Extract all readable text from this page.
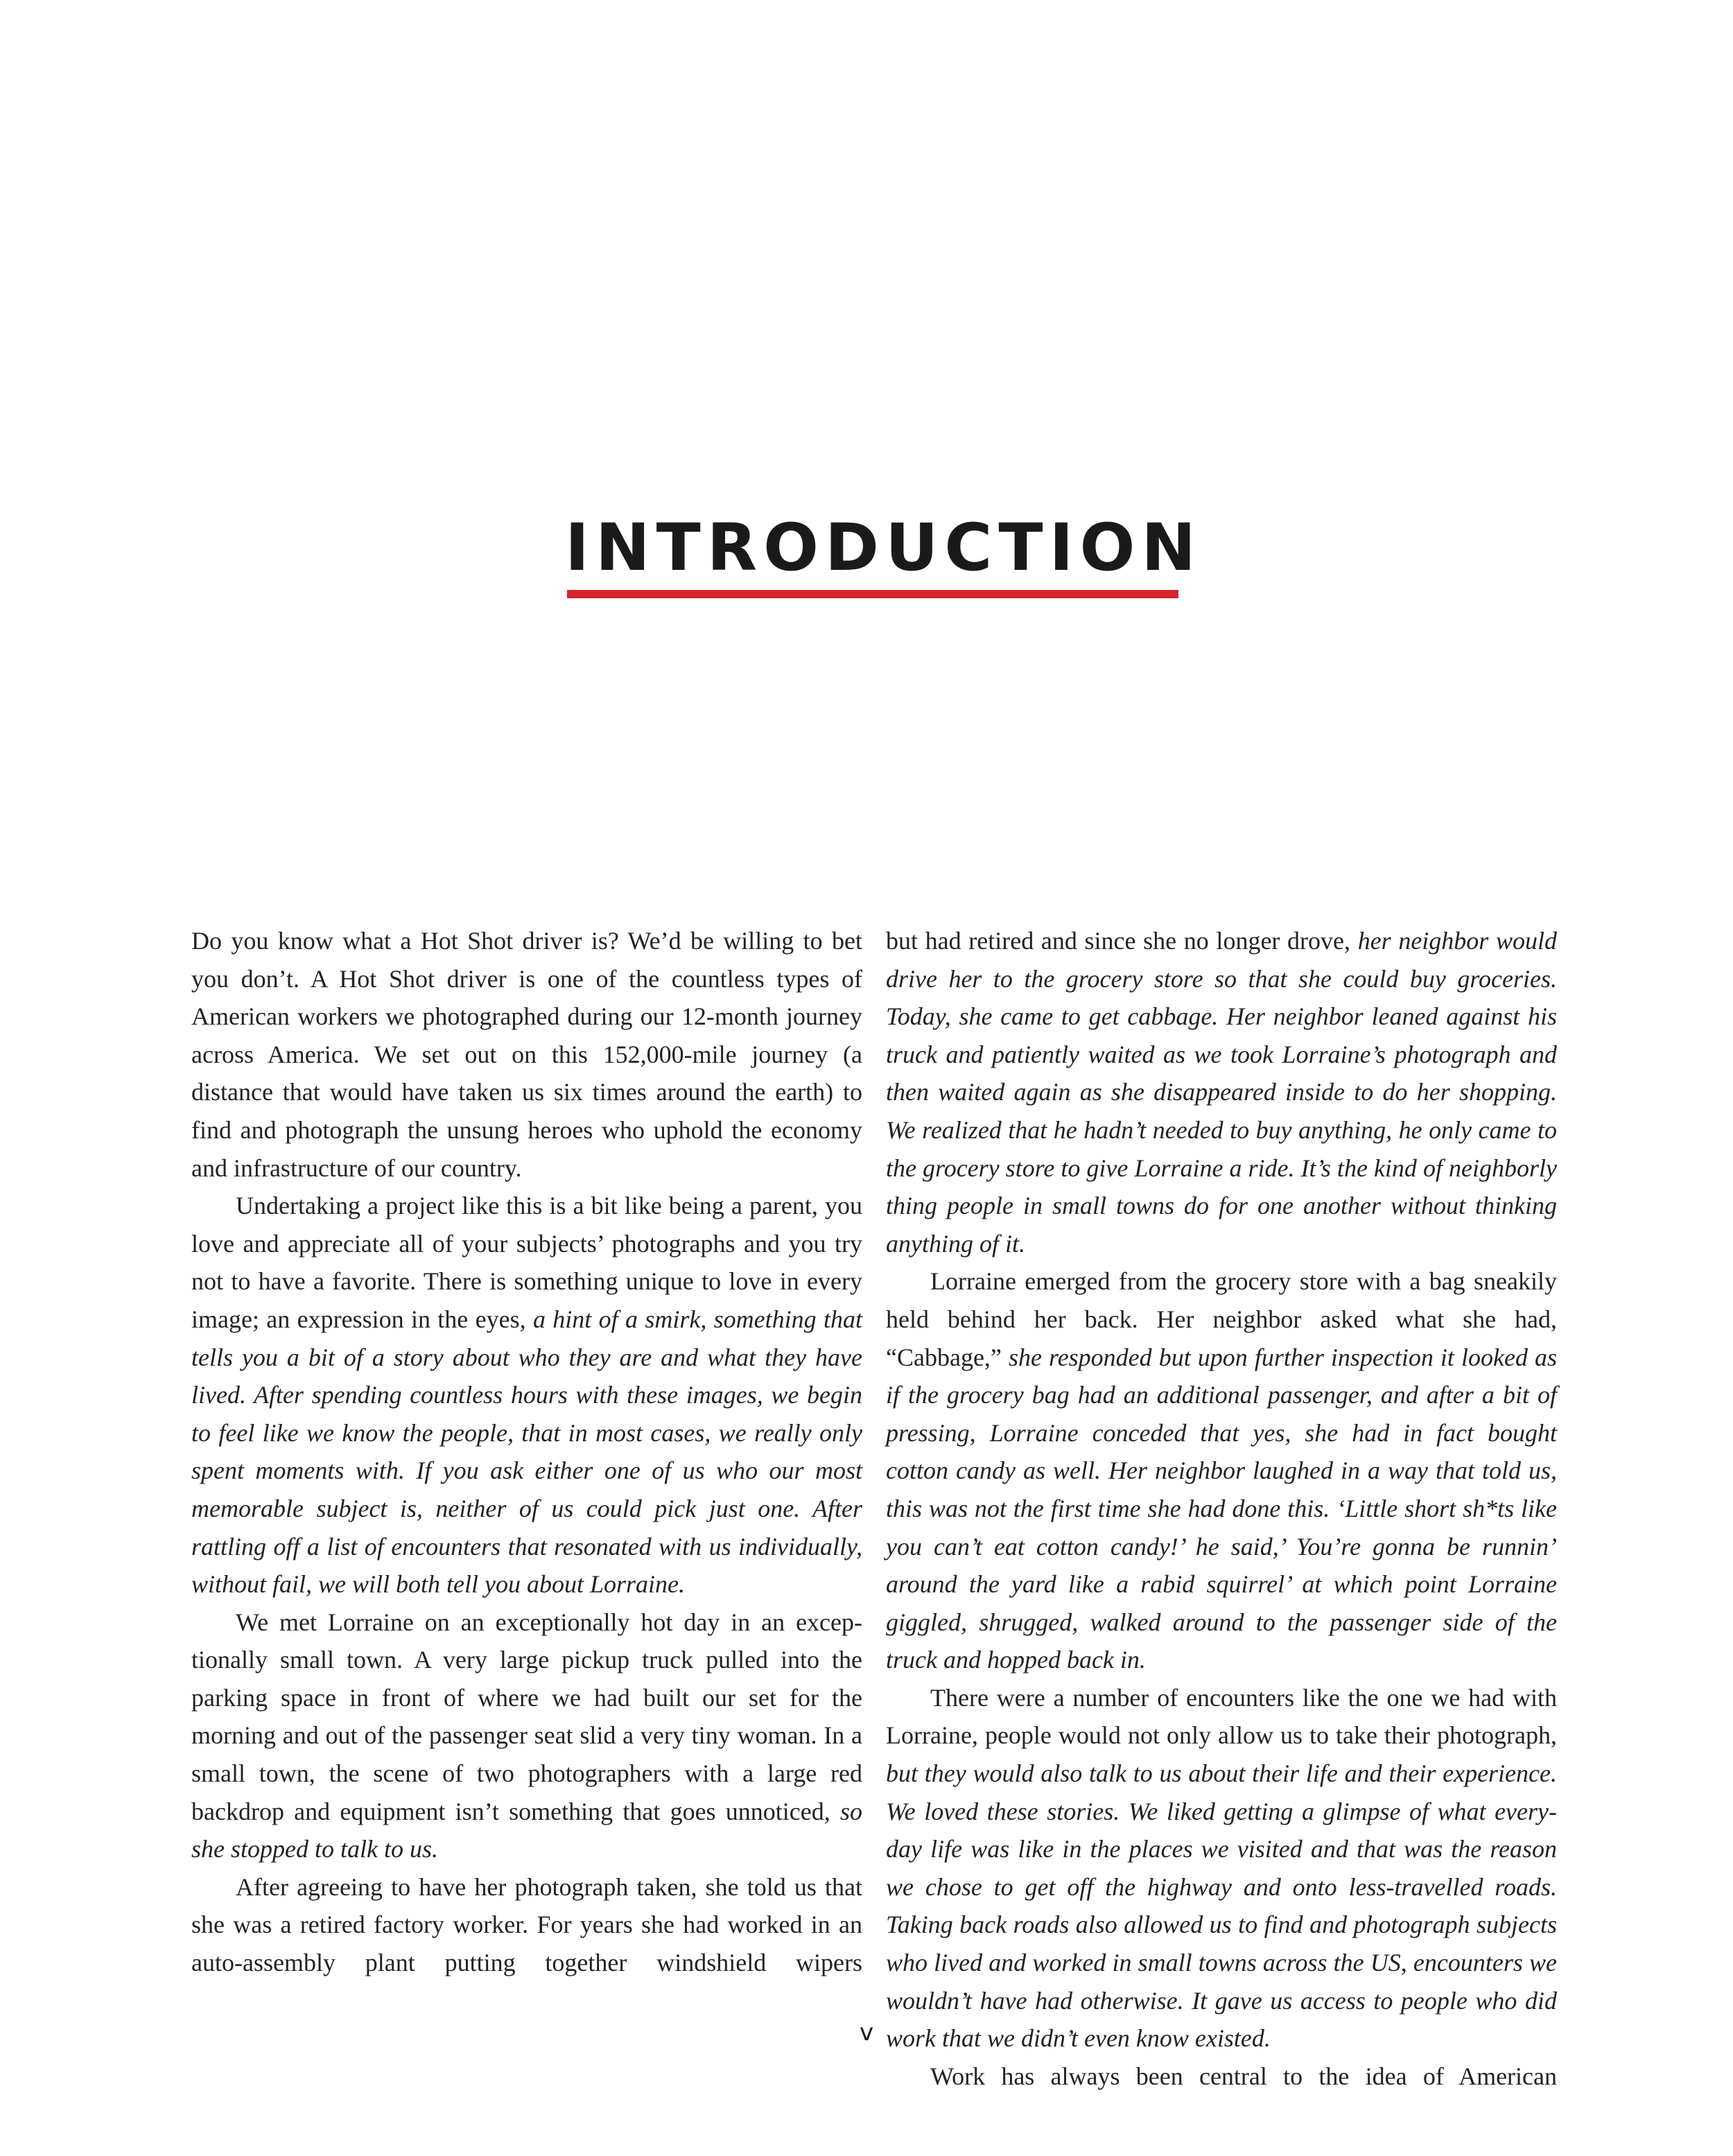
INTRODUCTION

Do you know what a Hot Shot driver is? We’d be willing to bet you don’t. A Hot Shot driver is one of the countless types of American workers we photographed during our 12-month journey across America. We set out on this 152,000-mile journey (a distance that would have taken us six times around the earth) to find and photograph the unsung heroes who uphold the economy and infrastructure of our country.

Undertaking a project like this is a bit like being a parent, you love and appreciate all of your subjects’ photographs and you try not to have a favorite. There is something unique to love in every image; an expression in the eyes, a hint of a smirk, something that tells you a bit of a story about who they are and what they have lived. After spending countless hours with these images, we begin to feel like we know the people, that in most cases, we really only spent moments with. If you ask either one of us who our most memorable subject is, neither of us could pick just one. After rattling off a list of encounters that resonated with us individually, without fail, we will both tell you about Lorraine.

We met Lorraine on an exceptionally hot day in an exceptionally small town. A very large pickup truck pulled into the parking space in front of where we had built our set for the morning and out of the passenger seat slid a very tiny woman. In a small town, the scene of two photographers with a large red backdrop and equipment isn’t something that goes unnoticed, so she stopped to talk to us.

After agreeing to have her photograph taken, she told us that she was a retired factory worker. For years she had worked in an auto-assembly plant putting together windshield wipers

but had retired and since she no longer drove, her neighbor would drive her to the grocery store so that she could buy groceries. Today, she came to get cabbage. Her neighbor leaned against his truck and patiently waited as we took Lorraine’s photograph and then waited again as she disappeared inside to do her shopping. We realized that he hadn’t needed to buy anything, he only came to the grocery store to give Lorraine a ride. It’s the kind of neighborly thing people in small towns do for one another without thinking anything of it.

Lorraine emerged from the grocery store with a bag sneakily held behind her back. Her neighbor asked what she had, “Cabbage,” she responded but upon further inspection it looked as if the grocery bag had an additional passenger, and after a bit of pressing, Lorraine conceded that yes, she had in fact bought cotton candy as well. Her neighbor laughed in a way that told us, this was not the first time she had done this. ‘Little short sh*ts like you can’t eat cotton candy!’ he said,’ You’re gonna be runnin’ around the yard like a rabid squirrel’ at which point Lorraine giggled, shrugged, walked around to the passenger side of the truck and hopped back in.

There were a number of encounters like the one we had with Lorraine, people would not only allow us to take their photograph, but they would also talk to us about their life and their experience. We loved these stories. We liked getting a glimpse of what everyday life was like in the places we visited and that was the reason we chose to get off the highway and onto less-travelled roads. Taking back roads also allowed us to find and photograph subjects who lived and worked in small towns across the US, encounters we wouldn’t have had otherwise. It gave us access to people who did work that we didn’t even know existed.

Work has always been central to the idea of American

v
